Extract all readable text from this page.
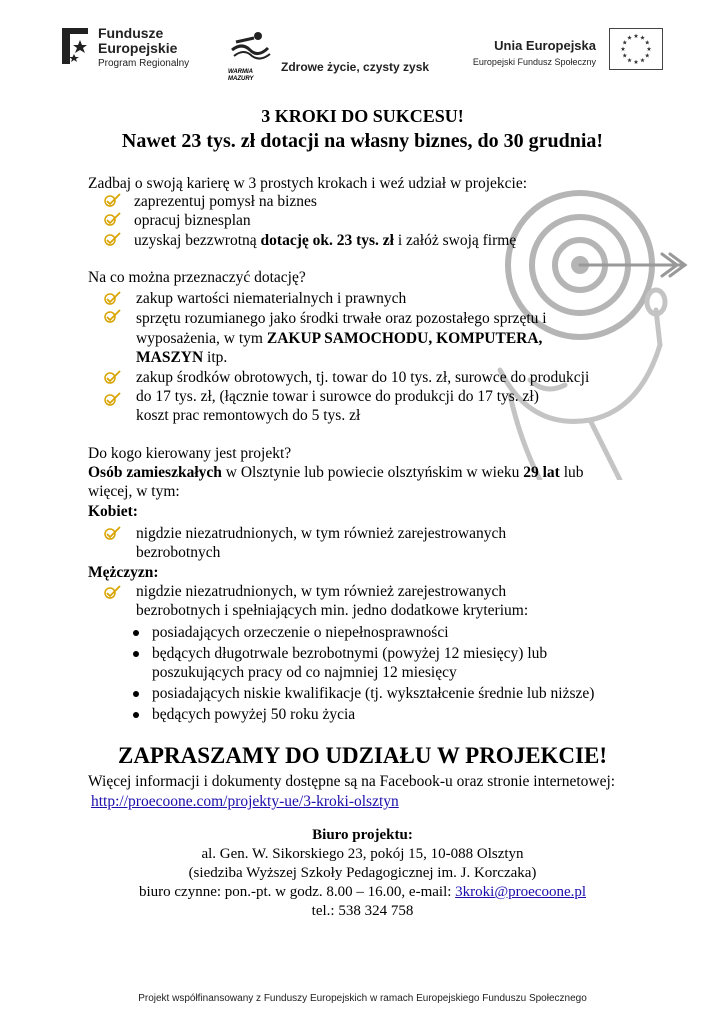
Fundusze
Europejskie
Program Regionalny
WARMIA MAZURY
Zdrowe życie, czysty zysk
Unia Europejska
Europejski Fundusz Społeczny
3 KROKI DO SUKCESU!
Nawet 23 tys. zł dotacji na własny biznes, do 30 grudnia!
Zadbaj o swoją karierę w 3 prostych krokach i weź udział w projekcie:
zaprezentuj pomysł na biznes
opracuj biznesplan
uzyskaj bezzwrotną dotację ok. 23 tys. zł i załóż swoją firmę
Na co można przeznaczyć dotację?
zakup wartości niematerialnych i prawnych
sprzętu rozumianego jako środki trwałe oraz pozostałego sprzętu i
wyposażenia, w tym ZAKUP SAMOCHODU, KOMPUTERA,
MASZYN itp.
zakup środków obrotowych, tj. towar do 10 tys. zł, surowce do produkcji
do 17 tys. zł, (łącznie towar i surowce do produkcji do 17 tys. zł)
koszt prac remontowych do 5 tys. zł
Do kogo kierowany jest projekt?
Osób zamieszkałych w Olsztynie lub powiecie olsztyńskim w wieku 29 lat lub
więcej, w tym:
Kobiet:
nigdzie niezatrudnionych, w tym również zarejestrowanych
bezrobotnych
Mężczyzn:
nigdzie niezatrudnionych, w tym również zarejestrowanych
bezrobotnych i spełniających min. jedno dodatkowe kryterium:
posiadających orzeczenie o niepełnosprawności
będących długotrwale bezrobotnymi (powyżej 12 miesięcy) lub
poszukujących pracy od co najmniej 12 miesięcy
posiadających niskie kwalifikacje (tj. wykształcenie średnie lub niższe)
będących powyżej 50 roku życia
ZAPRASZAMY DO UDZIAŁU W PROJEKCIE!
Więcej informacji i dokumenty dostępne są na Facebook-u oraz stronie internetowej:
http://proecoone.com/projekty-ue/3-kroki-olsztyn
Biuro projektu:
al. Gen. W. Sikorskiego 23, pokój 15, 10-088 Olsztyn
(siedziba Wyższej Szkoły Pedagogicznej im. J. Korczaka)
biuro czynne: pon.-pt. w godz. 8.00 – 16.00, e-mail: 3kroki@proecoone.pl
tel.: 538 324 758
Projekt współfinansowany z Funduszy Europejskich w ramach Europejskiego Funduszu Społecznego
